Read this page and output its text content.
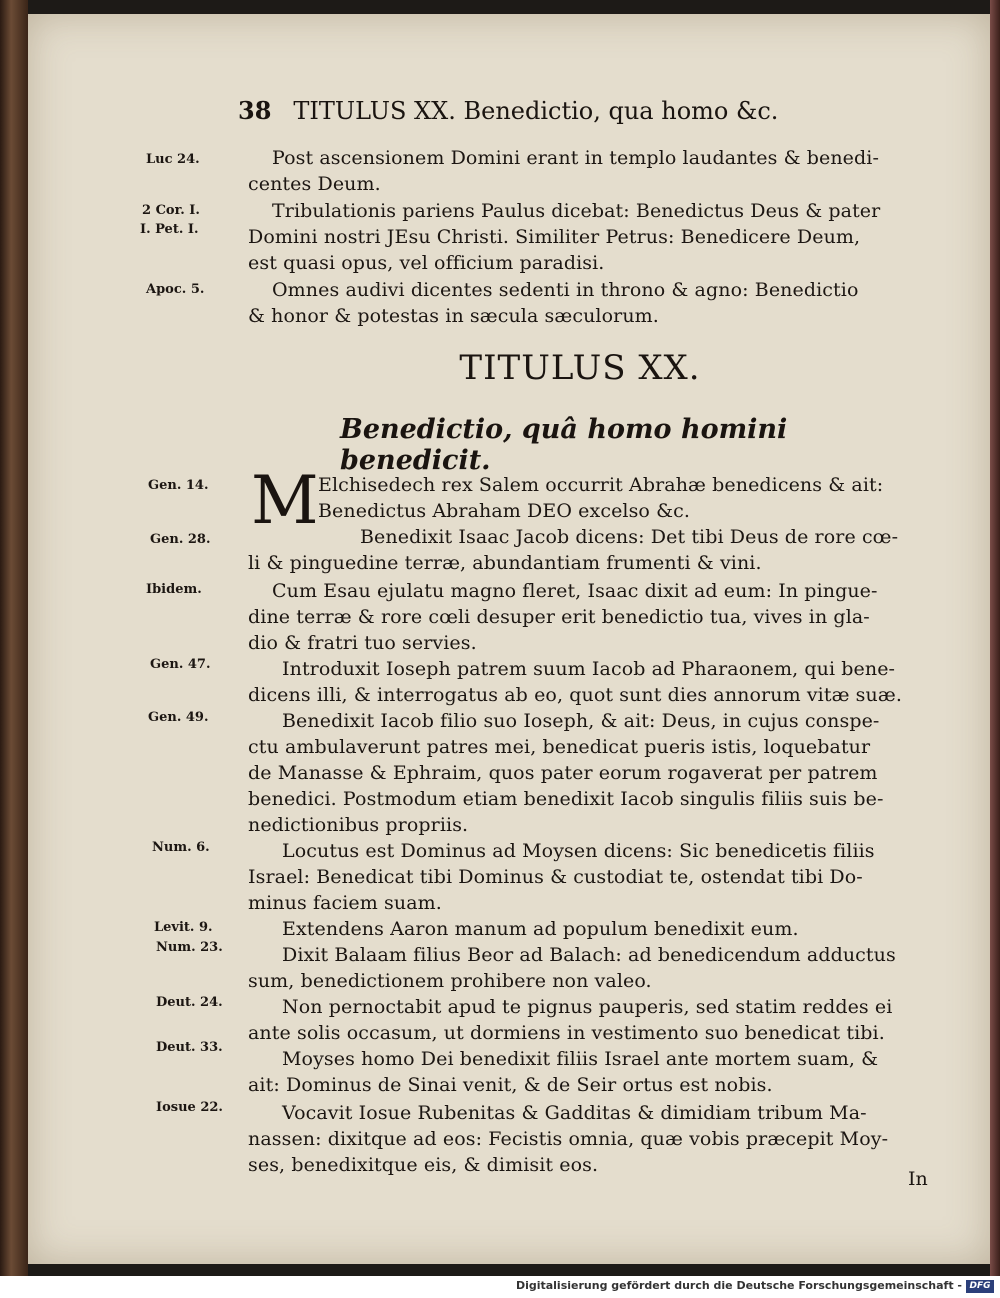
38 TITULUS XX. Benedictio, qua homo &c.
Post ascensionem Domini erant in templo laudantes & benedi-
centes Deum.
Tribulationis pariens Paulus dicebat: Benedictus Deus & pater
Domini nostri JEsu Christi. Similiter Petrus: Benedicere Deum,
est quasi opus, vel officium paradisi.
Omnes audivi dicentes sedenti in throno & agno: Benedictio
& honor & potestas in sæcula sæculorum.
TITULUS XX.
Benedictio, quâ homo homini benedicit.
M Elchisedech rex Salem occurrit Abrahæ benedicens & ait:
Benedictus Abraham DEO excelso &c.
Benedixit Isaac Jacob dicens: Det tibi Deus de rore cœ-
li & pinguedine terræ, abundantiam frumenti & vini.
Cum Esau ejulatu magno fleret, Isaac dixit ad eum: In pingue-
dine terræ & rore cœli desuper erit benedictio tua, vives in gla-
dio & fratri tuo servies.
Introduxit Ioseph patrem suum Iacob ad Pharaonem, qui bene-
dicens illi, & interrogatus ab eo, quot sunt dies annorum vitæ suæ.
Benedixit Iacob filio suo Ioseph, & ait: Deus, in cujus conspe-
ctu ambulaverunt patres mei, benedicat pueris istis, loquebatur
de Manasse & Ephraim, quos pater eorum rogaverat per patrem
benedici. Postmodum etiam benedixit Iacob singulis filiis suis be-
nedictionibus propriis.
Locutus est Dominus ad Moysen dicens: Sic benedicetis filiis
Israel: Benedicat tibi Dominus & custodiat te, ostendat tibi Do-
minus faciem suam.
Extendens Aaron manum ad populum benedixit eum.
Dixit Balaam filius Beor ad Balach: ad benedicendum adductus
sum, benedictionem prohibere non valeo.
Non pernoctabit apud te pignus pauperis, sed statim reddes ei
ante solis occasum, ut dormiens in vestimento suo benedicat tibi.
Moyses homo Dei benedixit filiis Israel ante mortem suam, &
ait: Dominus de Sinai venit, & de Seir ortus est nobis.
Vocavit Iosue Rubenitas & Gadditas & dimidiam tribum Ma-
nassen: dixitque ad eos: Fecistis omnia, quæ vobis præcepit Moy-
ses, benedixitque eis, & dimisit eos.
Luc 24.
2 Cor. I.
I. Pet. I.
Apoc. 5.
Gen. 14.
Gen. 28.
Ibidem.
Gen. 47.
Gen. 49.
Num. 6.
Levit. 9.
Num. 23.
Deut. 24.
Deut. 33.
Iosue 22.
In
Digitalisierung gefördert durch die Deutsche Forschungsgemeinschaft - DFG
